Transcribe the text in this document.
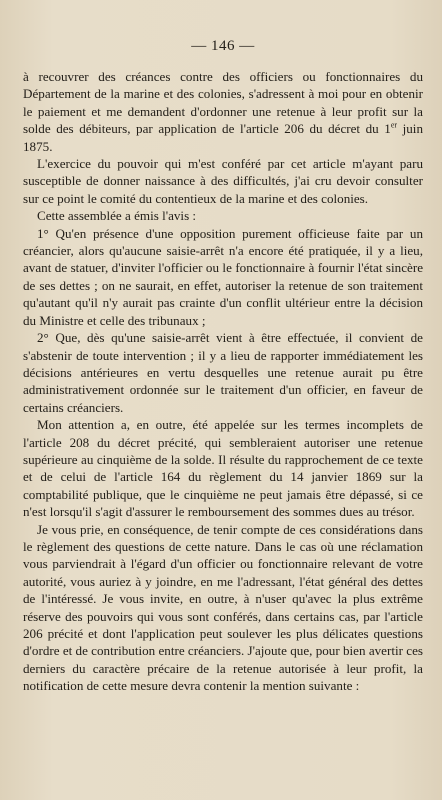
— 146 —

à recouvrer des créances contre des officiers ou fonctionnaires du Département de la marine et des colonies, s'adressent à moi pour en obtenir le paiement et me demandent d'ordonner une retenue à leur profit sur la solde des débiteurs, par application de l'article 206 du décret du 1er juin 1875.

L'exercice du pouvoir qui m'est conféré par cet article m'ayant paru susceptible de donner naissance à des difficultés, j'ai cru devoir consulter sur ce point le comité du contentieux de la marine et des colonies.

Cette assemblée a émis l'avis :

1° Qu'en présence d'une opposition purement officieuse faite par un créancier, alors qu'aucune saisie-arrêt n'a encore été pratiquée, il y a lieu, avant de statuer, d'inviter l'officier ou le fonctionnaire à fournir l'état sincère de ses dettes ; on ne saurait, en effet, autoriser la retenue de son traitement qu'autant qu'il n'y aurait pas crainte d'un conflit ultérieur entre la décision du Ministre et celle des tribunaux ;

2° Que, dès qu'une saisie-arrêt vient à être effectuée, il convient de s'abstenir de toute intervention ; il y a lieu de rapporter immédiatement les décisions antérieures en vertu desquelles une retenue aurait pu être administrativement ordonnée sur le traitement d'un officier, en faveur de certains créanciers.

Mon attention a, en outre, été appelée sur les termes incomplets de l'article 208 du décret précité, qui sembleraient autoriser une retenue supérieure au cinquième de la solde. Il résulte du rapprochement de ce texte et de celui de l'article 164 du règlement du 14 janvier 1869 sur la comptabilité publique, que le cinquième ne peut jamais être dépassé, si ce n'est lorsqu'il s'agit d'assurer le remboursement des sommes dues au trésor.

Je vous prie, en conséquence, de tenir compte de ces considérations dans le règlement des questions de cette nature. Dans le cas où une réclamation vous parviendrait à l'égard d'un officier ou fonctionnaire relevant de votre autorité, vous auriez à y joindre, en me l'adressant, l'état général des dettes de l'intéressé. Je vous invite, en outre, à n'user qu'avec la plus extrême réserve des pouvoirs qui vous sont conférés, dans certains cas, par l'article 206 précité et dont l'application peut soulever les plus délicates questions d'ordre et de contribution entre créanciers. J'ajoute que, pour bien avertir ces derniers du caractère précaire de la retenue autorisée à leur profit, la notification de cette mesure devra contenir la mention suivante :
